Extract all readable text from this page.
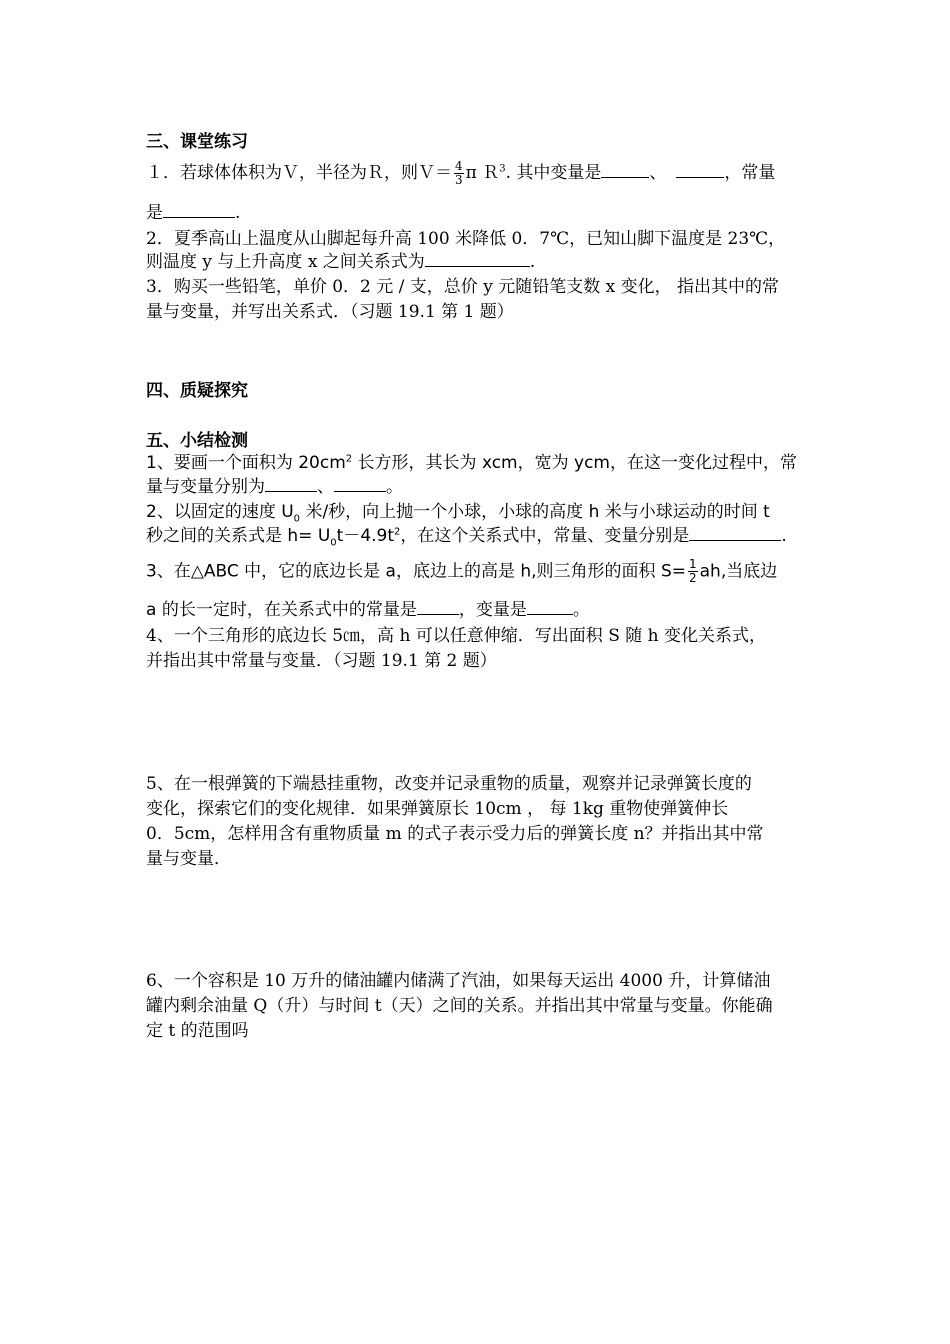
三、课堂练习
１．若球体体积为Ｖ，半径为Ｒ，则Ｖ＝ $\frac{4}{3}$ π Ｒ$^3$. 其中变量是	、	，常量
是	.
2．夏季高山上温度从山脚起每升高 100 米降低 0．7℃，已知山脚下温度是 23℃，
则温度 y 与上升高度 x 之间关系式为	.
3．购买一些铅笔，单价 0．2 元 / 支，总价 y 元随铅笔支数 x 变化， 指出其中的常
量与变量，并写出关系式．（习题 19.1 第 1 题）
四、质疑探究
五、小结检测
1、要画一个面积为 $20cm^2$ 长方形，其长为 xcm，宽为 ycm，在这一变化过程中，常
量与变量分别为	、	。
2、以固定的速度 $U_0$ 米/秒，向上抛一个小球，小球的高度 h 米与小球运动的时间 t
秒之间的关系式是 $h= U_0t-4.9t^2$，在这个关系式中，常量、变量分别是	.
3、在△ABC 中，它的底边长是 a，底边上的高是 h,则三角形的面积 $S= \frac{1}{2}$ ah,当底边
a 的长一定时，在关系式中的常量是 ，变量是	。
4、一个三角形的底边长 5㎝，高 h 可以任意伸缩．写出面积 S 随 h 变化关系式，
并指出其中常量与变量．（习题 19.1 第 2 题）
5、在一根弹簧的下端悬挂重物，改变并记录重物的质量，观察并记录弹簧长度的
变化，探索它们的变化规律．如果弹簧原长 10cm ， 每 1kg 重物使弹簧伸长
0．5cm，怎样用含有重物质量 m 的式子表示受力后的弹簧长度 n？并指出其中常
量与变量．
6、一个容积是 10 万升的储油罐内储满了汽油，如果每天运出 4000 升，计算储油
罐内剩余油量 Q（升）与时间 t（天）之间的关系。并指出其中常量与变量。你能确
定 t 的范围吗
